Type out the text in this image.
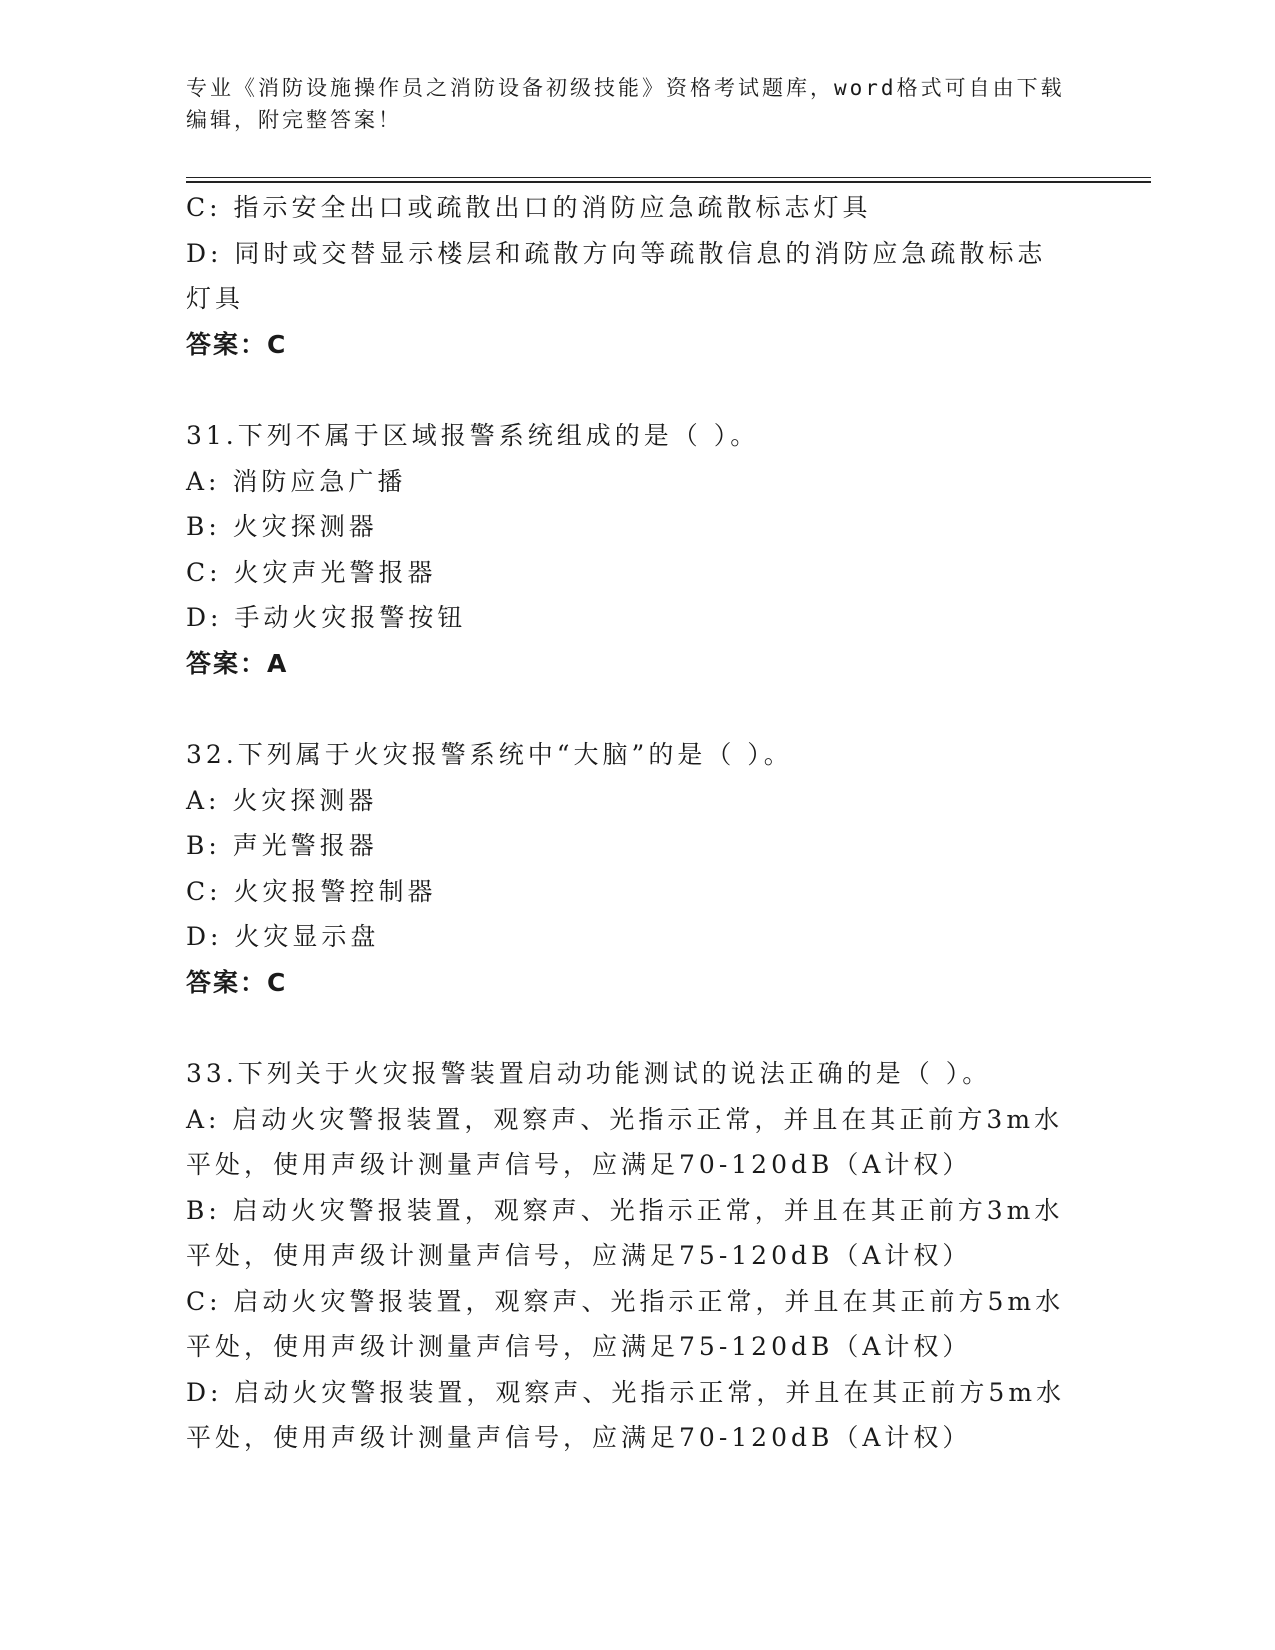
专业《消防设施操作员之消防设备初级技能》资格考试题库，word格式可自由下载编辑，附完整答案！
C: 指示安全出口或疏散出口的消防应急疏散标志灯具
D: 同时或交替显示楼层和疏散方向等疏散信息的消防应急疏散标志灯具
答案：C
31.下列不属于区域报警系统组成的是（ ）。
A: 消防应急广播
B: 火灾探测器
C: 火灾声光警报器
D: 手动火灾报警按钮
答案：A
32.下列属于火灾报警系统中“大脑”的是（ ）。
A: 火灾探测器
B: 声光警报器
C: 火灾报警控制器
D: 火灾显示盘
答案：C
33.下列关于火灾报警装置启动功能测试的说法正确的是（ ）。
A: 启动火灾警报装置，观察声、光指示正常，并且在其正前方3m水平处，使用声级计测量声信号，应满足70-120dB（A计权）
B: 启动火灾警报装置，观察声、光指示正常，并且在其正前方3m水平处，使用声级计测量声信号，应满足75-120dB（A计权）
C: 启动火灾警报装置，观察声、光指示正常，并且在其正前方5m水平处，使用声级计测量声信号，应满足75-120dB（A计权）
D: 启动火灾警报装置，观察声、光指示正常，并且在其正前方5m水平处，使用声级计测量声信号，应满足70-120dB（A计权）
